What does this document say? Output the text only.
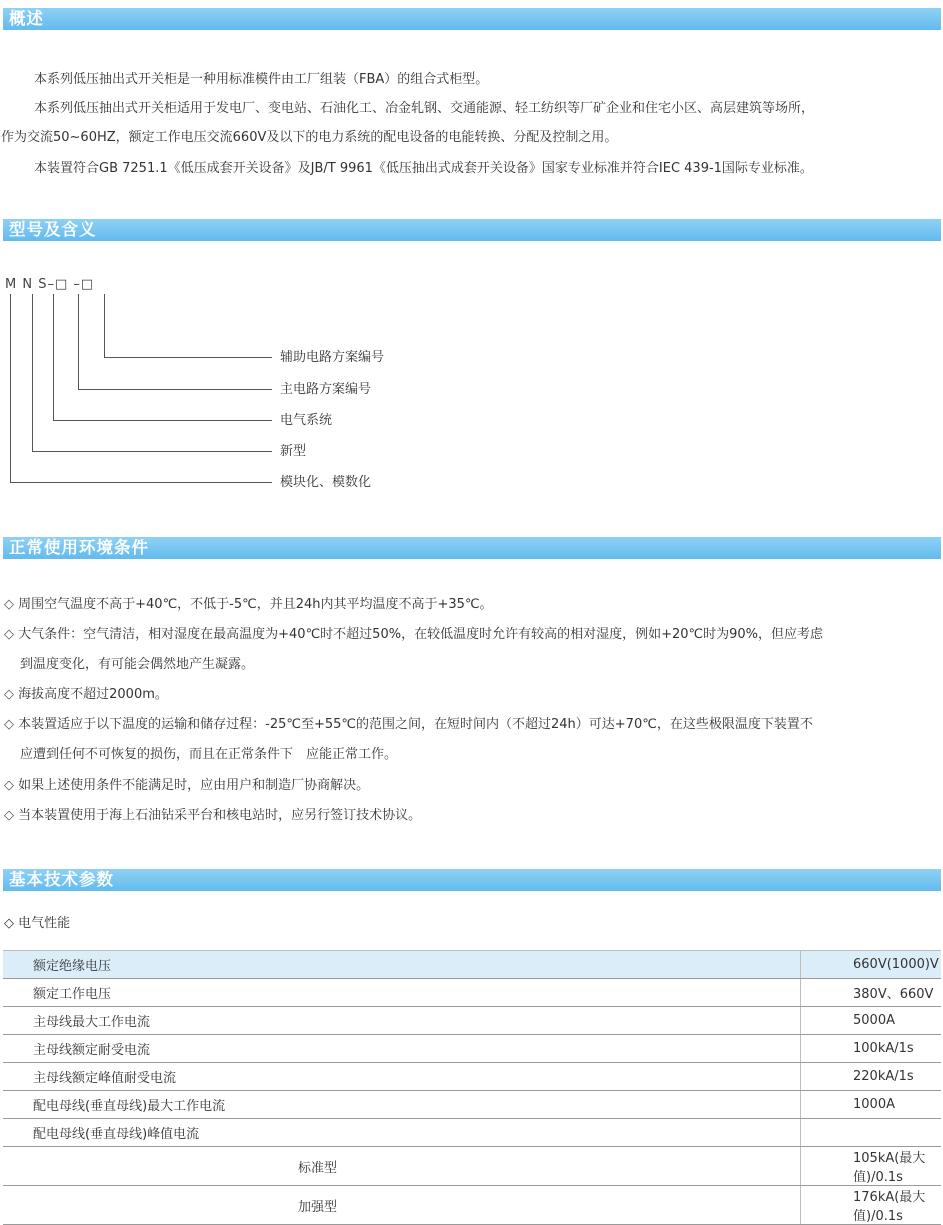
概述
本系列低压抽出式开关柜是一种用标准模件由工厂组装（FBA）的组合式柜型。
本系列低压抽出式开关柜适用于发电厂、变电站、石油化工、冶金轧钢、交通能源、轻工纺织等厂矿企业和住宅小区、高层建筑等场所，
作为交流50~60HZ，额定工作电压交流660V及以下的电力系统的配电设备的电能转换、分配及控制之用。
本装置符合GB 7251.1《低压成套开关设备》及JB/T 9961《低压抽出式成套开关设备》国家专业标准并符合IEC 439-1国际专业标准。
型号及含义
M N S–□ –□
辅助电路方案编号
主电路方案编号
电气系统
新型
模块化、模数化
正常使用环境条件
◇ 周围空气温度不高于+40℃，不低于-5℃，并且24h内其平均温度不高于+35℃。
◇ 大气条件：空气清洁，相对湿度在最高温度为+40℃时不超过50%，在较低温度时允许有较高的相对湿度，例如+20℃时为90%，但应考虑
到温度变化，有可能会偶然地产生凝露。
◇ 海拔高度不超过2000m。
◇ 本装置适应于以下温度的运输和储存过程：-25℃至+55℃的范围之间，在短时间内（不超过24h）可达+70℃，在这些极限温度下装置不
应遭到任何不可恢复的损伤，而且在正常条件下　应能正常工作。
◇ 如果上述使用条件不能满足时，应由用户和制造厂协商解决。
◇ 当本装置使用于海上石油钻采平台和核电站时，应另行签订技术协议。
基本技术参数
◇ 电气性能
额定绝缘电压	660V(1000)V
额定工作电压	380V、660V
主母线最大工作电流	5000A
主母线额定耐受电流	100kA/1s
主母线额定峰值耐受电流	220kA/1s
配电母线(垂直母线)最大工作电流	1000A
配电母线(垂直母线)峰值电流	
标准型	105kA(最大值)/0.1s
加强型	176kA(最大值)/0.1s
